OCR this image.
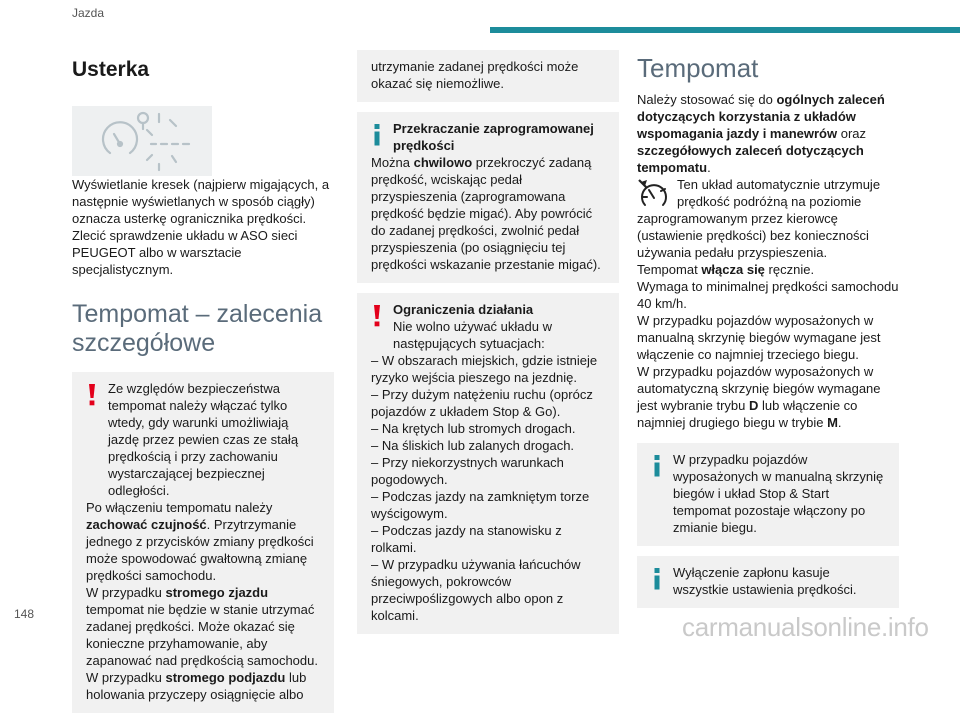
Jazda
Usterka

Wyświetlanie kresek (najpierw migających, a następnie wyświetlanych w sposób ciągły) oznacza usterkę ogranicznika prędkości. Zlecić sprawdzenie układu w ASO sieci PEUGEOT albo w warsztacie specjalistycznym.

Tempomat – zalecenia szczegółowe

Ze względów bezpieczeństwa tempomat należy włączać tylko wtedy, gdy warunki umożliwiają jazdę przez pewien czas ze stałą prędkością i przy zachowaniu wystarczającej bezpiecznej odległości.

Po włączeniu tempomatu należy zachować czujność. Przytrzymanie jednego z przycisków zmiany prędkości może spowodować gwałtowną zmianę prędkości samochodu.

W przypadku stromego zjazdu tempomat nie będzie w stanie utrzymać zadanej prędkości. Może okazać się konieczne przyhamowanie, aby zapanować nad prędkością samochodu.

W przypadku stromego podjazdu lub holowania przyczepy osiągnięcie albo

utrzymanie zadanej prędkości może okazać się niemożliwe.

Przekraczanie zaprogramowanej prędkości

Można chwilowo przekroczyć zadaną prędkość, wciskając pedał przyspieszenia (zaprogramowana prędkość będzie migać). Aby powrócić do zadanej prędkości, zwolnić pedał przyspieszenia (po osiągnięciu tej prędkości wskazanie przestanie migać).

Ograniczenia działania

Nie wolno używać układu w następujących sytuacjach:

– W obszarach miejskich, gdzie istnieje ryzyko wejścia pieszego na jezdnię.

– Przy dużym natężeniu ruchu (oprócz pojazdów z układem Stop & Go).

– Na krętych lub stromych drogach.

– Na śliskich lub zalanych drogach.

– Przy niekorzystnych warunkach pogodowych.

– Podczas jazdy na zamkniętym torze wyścigowym.

– Podczas jazdy na stanowisku z rolkami.

– W przypadku używania łańcuchów śniegowych, pokrowców przeciwpoślizgowych albo opon z kolcami.

Tempomat

Należy stosować się do ogólnych zaleceń dotyczących korzystania z układów wspomagania jazdy i manewrów oraz szczegółowych zaleceń dotyczących tempomatu.

Ten układ automatycznie utrzymuje prędkość podróżną na poziomie zaprogramowanym przez kierowcę (ustawienie prędkości) bez konieczności używania pedału przyspieszenia.

Tempomat włącza się ręcznie.

Wymaga to minimalnej prędkości samochodu 40 km/h.

W przypadku pojazdów wyposażonych w manualną skrzynię biegów wymagane jest włączenie co najmniej trzeciego biegu.

W przypadku pojazdów wyposażonych w automatyczną skrzynię biegów wymagane jest wybranie trybu D lub włączenie co najmniej drugiego biegu w trybie M.

W przypadku pojazdów wyposażonych w manualną skrzynię biegów i układ Stop & Start tempomat pozostaje włączony po zmianie biegu.

Wyłączenie zapłonu kasuje wszystkie ustawienia prędkości.

148	carmanualsonline.info
